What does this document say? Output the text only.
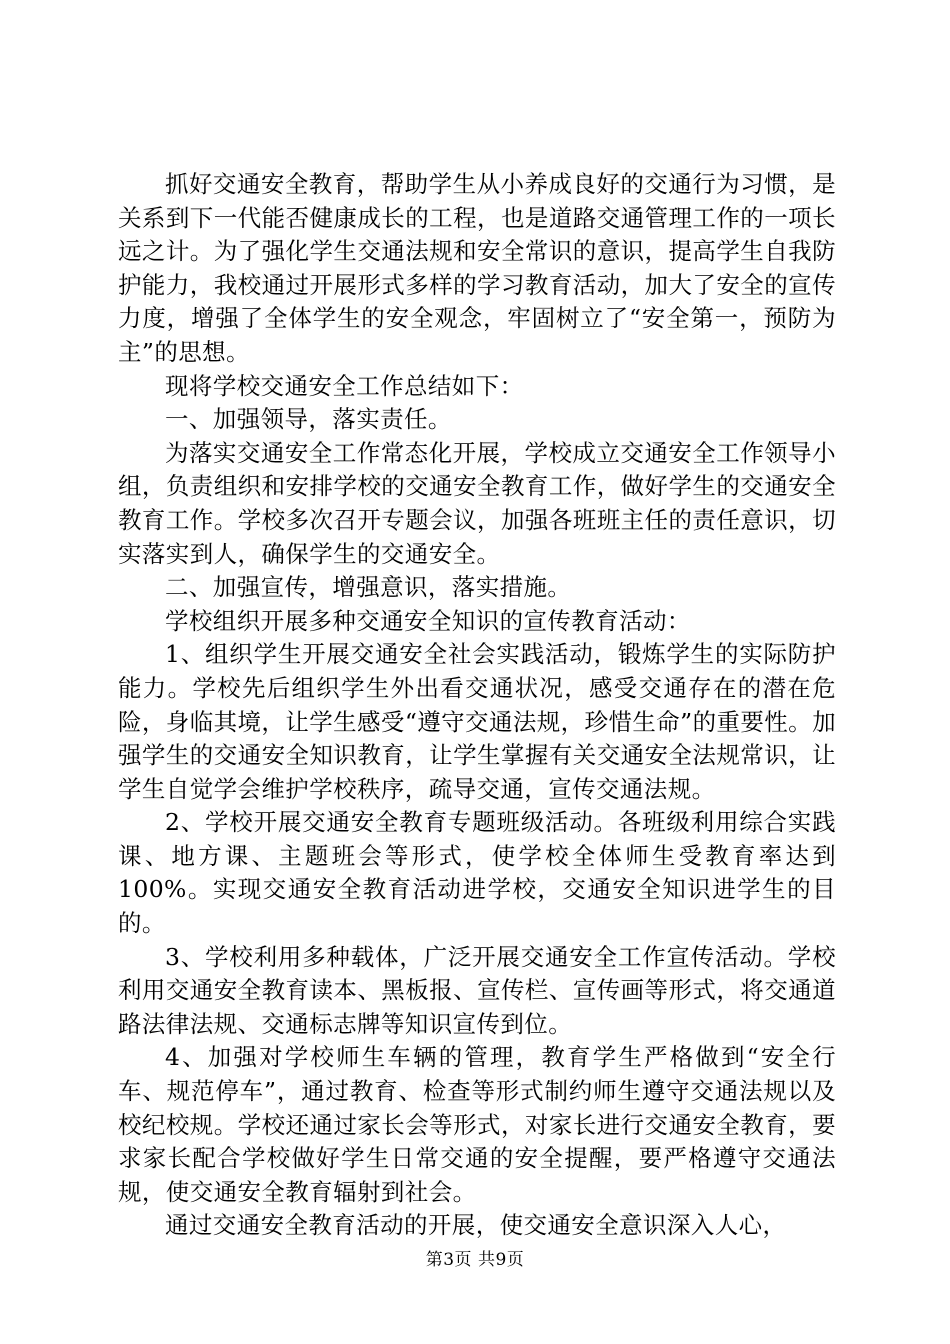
抓好交通安全教育，帮助学生从小养成良好的交通行为习惯，是关系到下一代能否健康成长的工程，也是道路交通管理工作的一项长远之计。为了强化学生交通法规和安全常识的意识，提高学生自我防护能力，我校通过开展形式多样的学习教育活动，加大了安全的宣传力度，增强了全体学生的安全观念，牢固树立了“安全第一，预防为主”的思想。

现将学校交通安全工作总结如下：

一、加强领导，落实责任。

为落实交通安全工作常态化开展，学校成立交通安全工作领导小组，负责组织和安排学校的交通安全教育工作，做好学生的交通安全教育工作。学校多次召开专题会议，加强各班班主任的责任意识，切实落实到人，确保学生的交通安全。

二、加强宣传，增强意识，落实措施。

学校组织开展多种交通安全知识的宣传教育活动：

1、组织学生开展交通安全社会实践活动，锻炼学生的实际防护能力。学校先后组织学生外出看交通状况，感受交通存在的潜在危险，身临其境，让学生感受“遵守交通法规，珍惜生命”的重要性。加强学生的交通安全知识教育，让学生掌握有关交通安全法规常识，让学生自觉学会维护学校秩序，疏导交通，宣传交通法规。

2、学校开展交通安全教育专题班级活动。各班级利用综合实践课、地方课、主题班会等形式，使学校全体师生受教育率达到100%。实现交通安全教育活动进学校，交通安全知识进学生的目的。

3、学校利用多种载体，广泛开展交通安全工作宣传活动。学校利用交通安全教育读本、黑板报、宣传栏、宣传画等形式，将交通道路法律法规、交通标志牌等知识宣传到位。

4、加强对学校师生车辆的管理，教育学生严格做到“安全行车、规范停车”，通过教育、检查等形式制约师生遵守交通法规以及校纪校规。学校还通过家长会等形式，对家长进行交通安全教育，要求家长配合学校做好学生日常交通的安全提醒，要严格遵守交通法规，使交通安全教育辐射到社会。

通过交通安全教育活动的开展，使交通安全意识深入人心，

第3页 共9页
